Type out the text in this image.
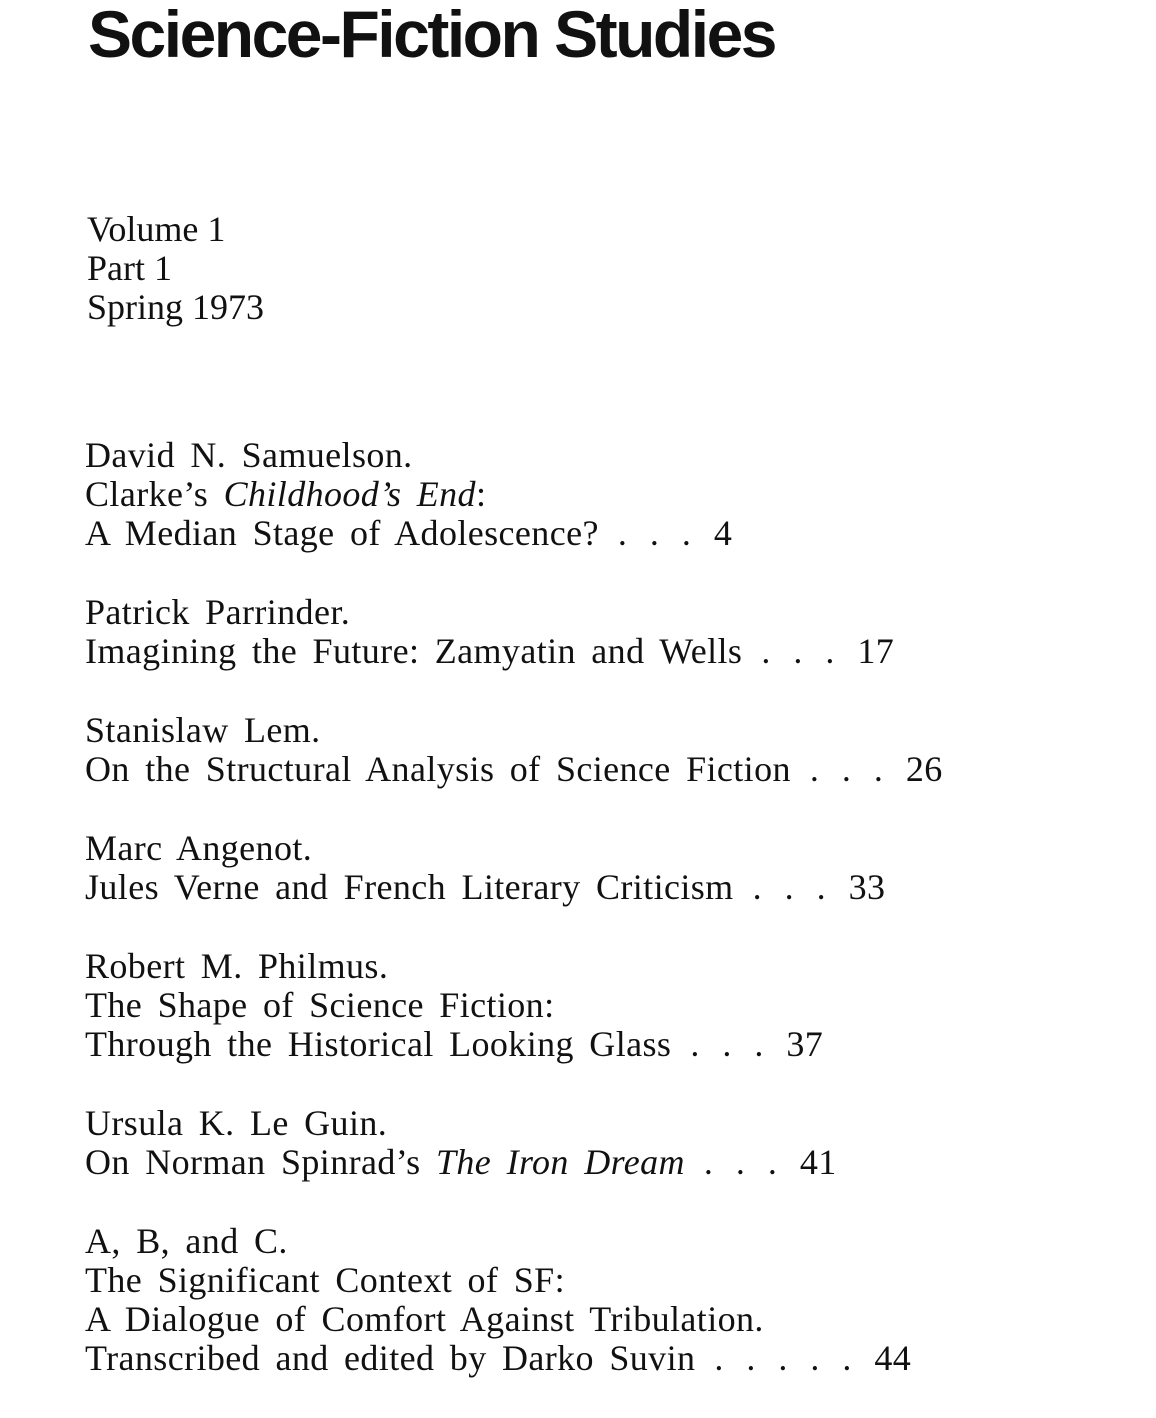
Science-Fiction Studies
Volume 1
Part 1
Spring 1973
David N. Samuelson.
Clarke’s Childhood’s End:
A Median Stage of Adolescence? . . . 4
Patrick Parrinder.
Imagining the Future: Zamyatin and Wells . . . 17
Stanislaw Lem.
On the Structural Analysis of Science Fiction . . . 26
Marc Angenot.
Jules Verne and French Literary Criticism . . . 33
Robert M. Philmus.
The Shape of Science Fiction:
Through the Historical Looking Glass . . . 37
Ursula K. Le Guin.
On Norman Spinrad’s The Iron Dream . . . 41
A, B, and C.
The Significant Context of SF:
A Dialogue of Comfort Against Tribulation.
Transcribed and edited by Darko Suvin . . . . . 44
